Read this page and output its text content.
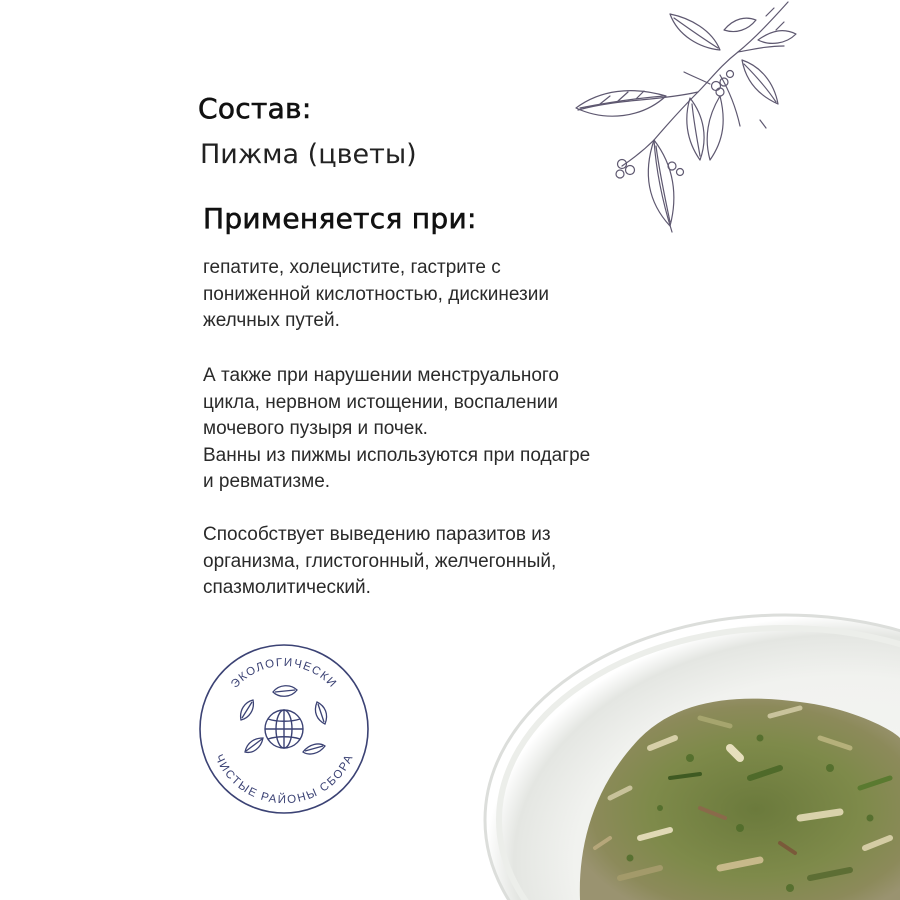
Состав:
Пижма (цветы)
Применяется при:
гепатите, холецистите, гастрите с
пониженной кислотностью, дискинезии
желчных путей.
А также при нарушении менструального
цикла, нервном истощении, воспалении
мочевого пузыря и почек.
Ванны из пижмы используются при подагре
и ревматизме.
Способствует выведению паразитов из
организма, глистогонный, желчегонный,
спазмолитический.
ЭКОЛОГИЧЕСКИ
ЧИСТЫЕ РАЙОНЫ СБОРА
